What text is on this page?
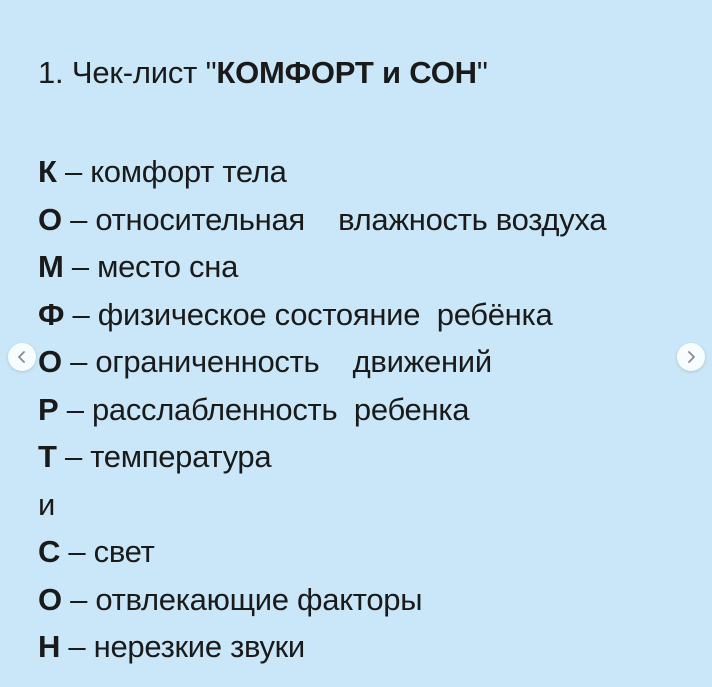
1. Чек-лист "КОМФОРТ и СОН"
К – комфорт тела
О – относительная    влажность воздуха
М – место сна
Ф – физическое состояние  ребёнка
О – ограниченность    движений
Р – расслабленность  ребенка
Т – температура
и
С – свет
О – отвлекающие факторы
Н – нерезкие звуки
